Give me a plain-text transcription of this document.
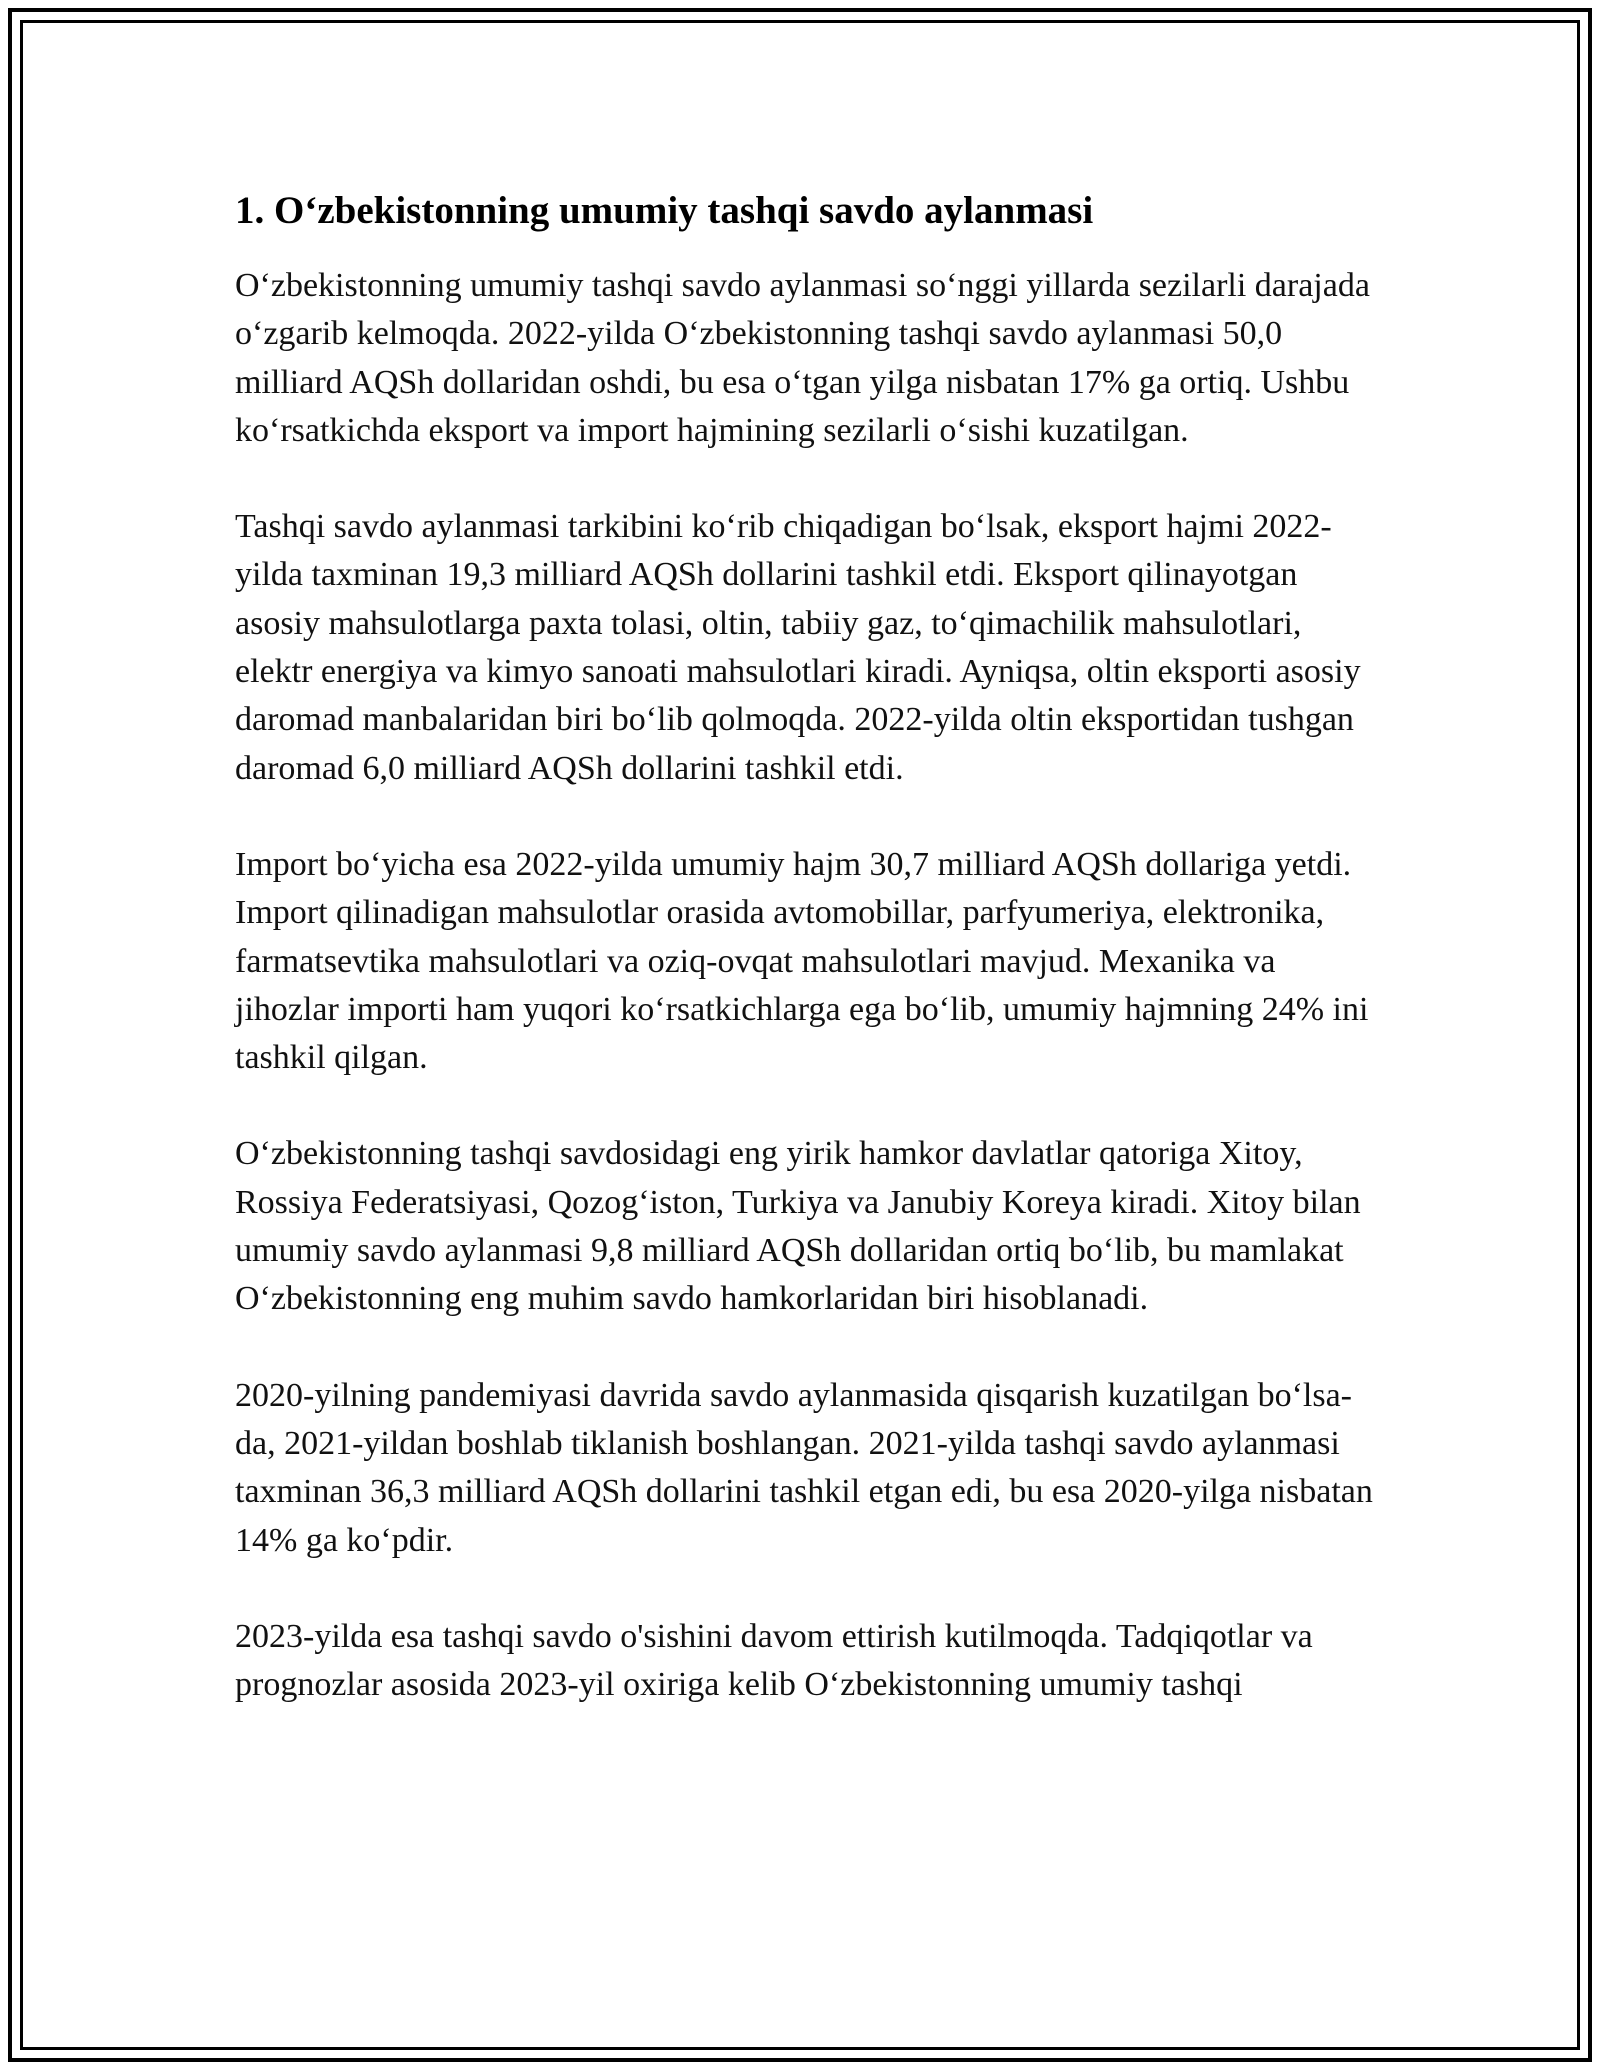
1. O‘zbekistonning umumiy tashqi savdo aylanmasi

O‘zbekistonning umumiy tashqi savdo aylanmasi so‘nggi yillarda sezilarli darajada o‘zgarib kelmoqda. 2022-yilda O‘zbekistonning tashqi savdo aylanmasi 50,0 milliard AQSh dollaridan oshdi, bu esa o‘tgan yilga nisbatan 17% ga ortiq. Ushbu ko‘rsatkichda eksport va import hajmining sezilarli o‘sishi kuzatilgan.

Tashqi savdo aylanmasi tarkibini ko‘rib chiqadigan bo‘lsak, eksport hajmi 2022-yilda taxminan 19,3 milliard AQSh dollarini tashkil etdi. Eksport qilinayotgan asosiy mahsulotlarga paxta tolasi, oltin, tabiiy gaz, to‘qimachilik mahsulotlari, elektr energiya va kimyo sanoati mahsulotlari kiradi. Ayniqsa, oltin eksporti asosiy daromad manbalaridan biri bo‘lib qolmoqda. 2022-yilda oltin eksportidan tushgan daromad 6,0 milliard AQSh dollarini tashkil etdi.

Import bo‘yicha esa 2022-yilda umumiy hajm 30,7 milliard AQSh dollariga yetdi. Import qilinadigan mahsulotlar orasida avtomobillar, parfyumeriya, elektronika, farmatsevtika mahsulotlari va oziq-ovqat mahsulotlari mavjud. Mexanika va jihozlar importi ham yuqori ko‘rsatkichlarga ega bo‘lib, umumiy hajmning 24% ini tashkil qilgan.

O‘zbekistonning tashqi savdosidagi eng yirik hamkor davlatlar qatoriga Xitoy, Rossiya Federatsiyasi, Qozog‘iston, Turkiya va Janubiy Koreya kiradi. Xitoy bilan umumiy savdo aylanmasi 9,8 milliard AQSh dollaridan ortiq bo‘lib, bu mamlakat O‘zbekistonning eng muhim savdo hamkorlaridan biri hisoblanadi.

2020-yilning pandemiyasi davrida savdo aylanmasida qisqarish kuzatilgan bo‘lsa-da, 2021-yildan boshlab tiklanish boshlangan. 2021-yilda tashqi savdo aylanmasi taxminan 36,3 milliard AQSh dollarini tashkil etgan edi, bu esa 2020-yilga nisbatan 14% ga ko‘pdir.

2023-yilda esa tashqi savdo o'sishini davom ettirish kutilmoqda. Tadqiqotlar va prognozlar asosida 2023-yil oxiriga kelib O‘zbekistonning umumiy tashqi
